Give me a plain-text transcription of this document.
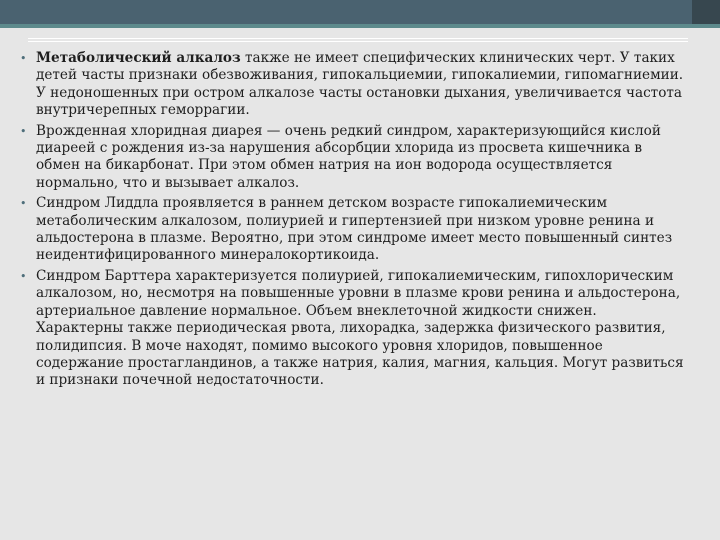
• Метаболический алкалоз также не имеет специфических клинических черт. У таких детей часты признаки обезвоживания, гипокальциемии, гипокалиемии, гипомагниемии. У недоношенных при остром алкалозе часты остановки дыхания, увеличивается частота внутричерепных геморрагии.
• Врожденная хлоридная диарея — очень редкий синдром, характеризующийся кислой диареей с рождения из-за нарушения абсорбции хлорида из просвета кишечника в обмен на бикарбонат. При этом обмен натрия на ион водорода осуществляется нормально, что и вызывает алкалоз.
• Синдром Лиддла проявляется в раннем детском возрасте гипокалиемическим метаболическим алкалозом, полиурией и гипертензией при низком уровне ренина и альдостерона в плазме. Вероятно, при этом синдроме имеет место повышенный синтез неидентифицированного минералокортикоида.
• Синдром Барттера характеризуется полиурией, гипокалиемическим, гипохлорическим алкалозом, но, несмотря на повышенные уровни в плазме крови ренина и альдостерона, артериальное давление нормальное. Объем внеклеточной жидкости снижен. Характерны также периодическая рвота, лихорадка, задержка физического развития, полидипсия. В моче находят, помимо высокого уровня хлоридов, повышенное содержание простагландинов, а также натрия, калия, магния, кальция. Могут развиться и признаки почечной недостаточности.
